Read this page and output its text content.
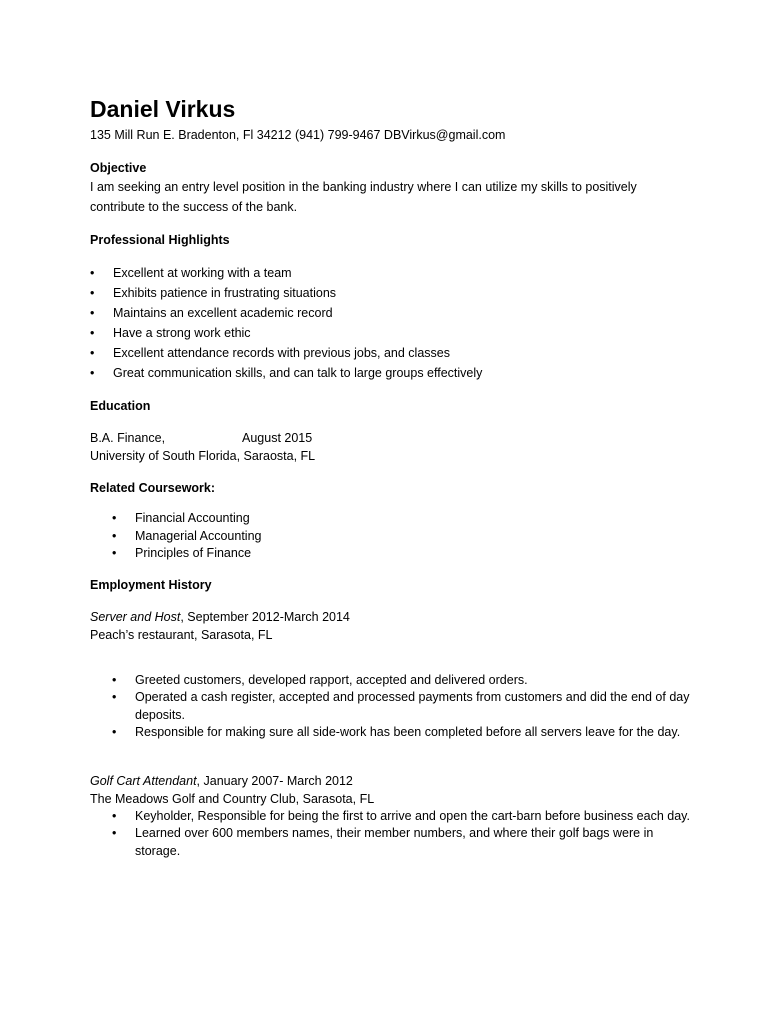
Daniel Virkus
135 Mill Run E. Bradenton, Fl 34212 (941) 799-9467 DBVirkus@gmail.com
Objective
I am seeking an entry level position in the banking industry where I can utilize my skills to positively contribute to the success of the bank.
Professional Highlights
• Excellent at working with a team
• Exhibits patience in frustrating situations
• Maintains an excellent academic record
• Have a strong work ethic
• Excellent attendance records with previous jobs, and classes
• Great communication skills, and can talk to large groups effectively
Education
B.A. Finance,	August 2015
University of South Florida, Saraosta, FL
Related Coursework:
• Financial Accounting
• Managerial Accounting
• Principles of Finance
Employment History
Server and Host, September 2012-March 2014
Peach’s restaurant, Sarasota, FL
• Greeted customers, developed rapport, accepted and delivered orders.
• Operated a cash register, accepted and processed payments from customers and did the end of day deposits.
• Responsible for making sure all side-work has been completed before all servers leave for the day.
Golf Cart Attendant, January 2007- March 2012
The Meadows Golf and Country Club, Sarasota, FL
• Keyholder, Responsible for being the first to arrive and open the cart-barn before business each day.
• Learned over 600 members names, their member numbers, and where their golf bags were in storage.
